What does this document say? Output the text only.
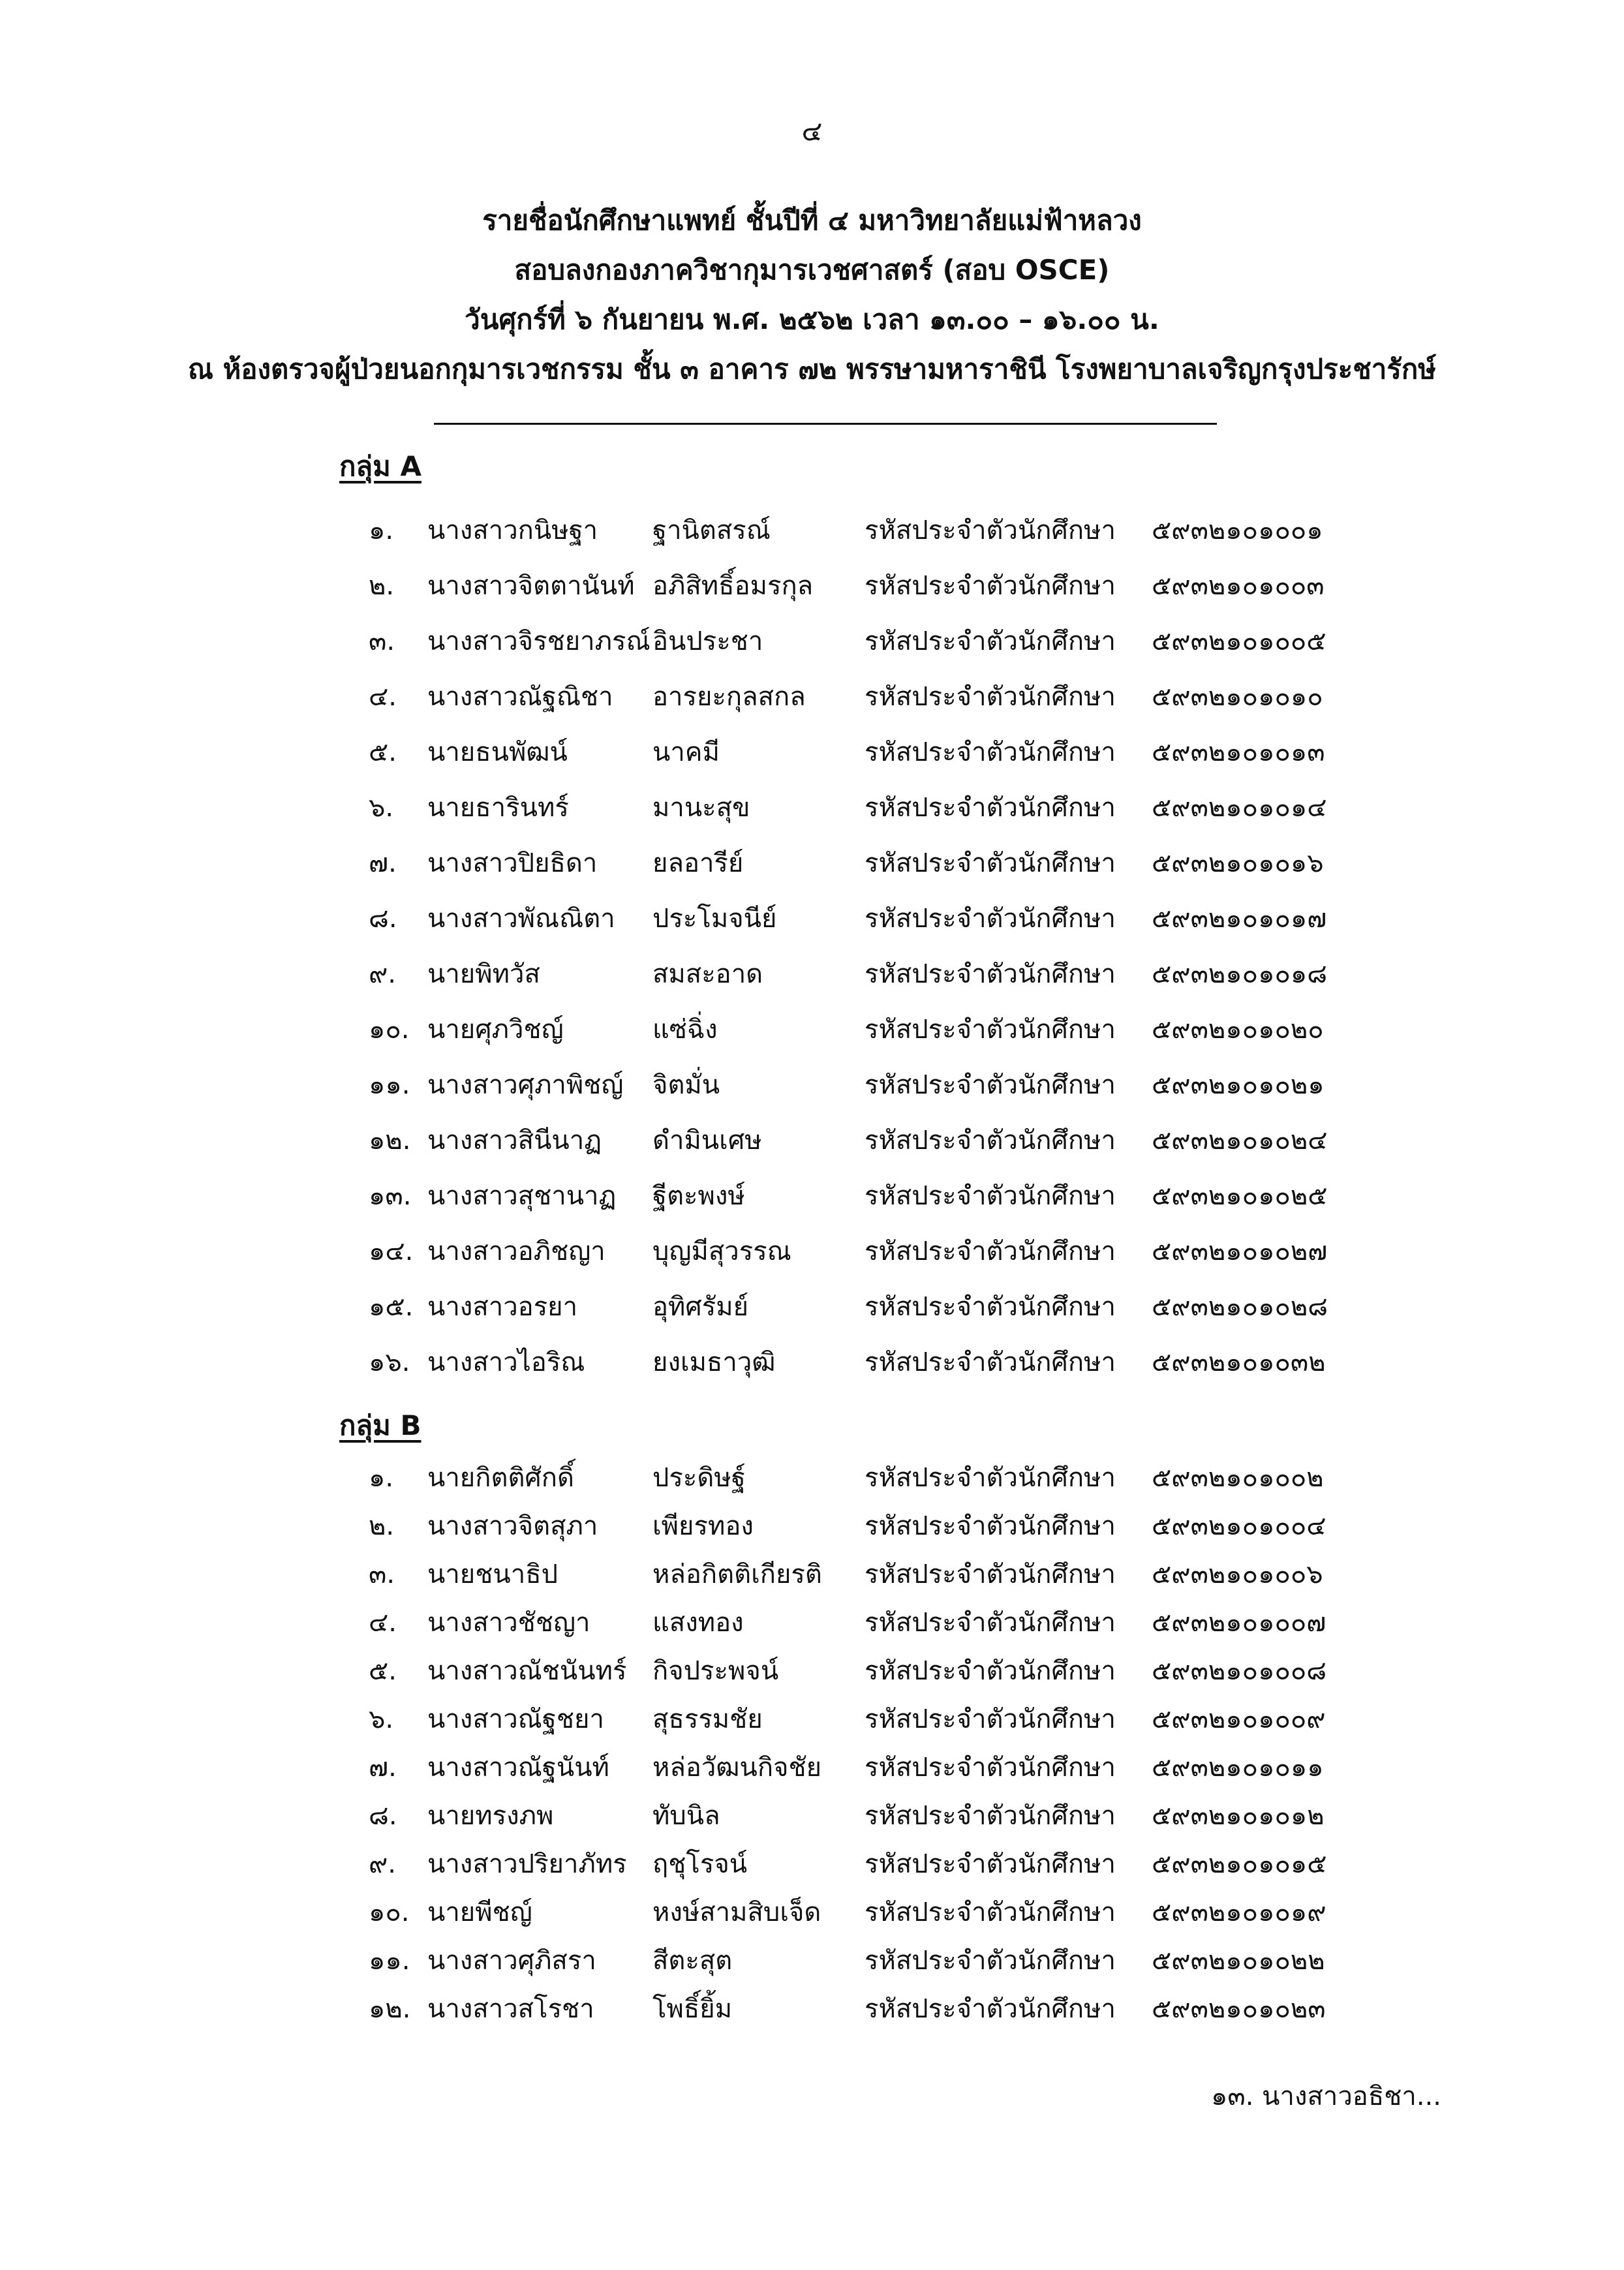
๔
รายชื่อนักศึกษาแพทย์ ชั้นปีที่ ๔ มหาวิทยาลัยแม่ฟ้าหลวง
สอบลงกองภาควิชากุมารเวชศาสตร์ (สอบ OSCE)
วันศุกร์ที่ ๖ กันยายน พ.ศ. ๒๕๖๒ เวลา ๑๓.๐๐ – ๑๖.๐๐ น.
ณ ห้องตรวจผู้ป่วยนอกกุมารเวชกรรม ชั้น ๓ อาคาร ๗๒ พรรษามหาราชินี โรงพยาบาลเจริญกรุงประชารักษ์
กลุ่ม A
๑. นางสาวกนิษฐา ฐานิตสรณ์	รหัสประจำตัวนักศึกษา ๕๙๓๒๑๐๑๐๐๑
๒. นางสาวจิตตานันท์ อภิสิทธิ์อมรกุล รหัสประจำตัวนักศึกษา ๕๙๓๒๑๐๑๐๐๓
๓. นางสาวจิรชยาภรณ์ อินประชา	รหัสประจำตัวนักศึกษา ๕๙๓๒๑๐๑๐๐๕
๔. นางสาวณัฐณิชา อารยะกุลสกล รหัสประจำตัวนักศึกษา ๕๙๓๒๑๐๑๐๑๐
๕. นายธนพัฒน์	นาคมี	รหัสประจำตัวนักศึกษา ๕๙๓๒๑๐๑๐๑๓
๖. นายธารินทร์	มานะสุข	รหัสประจำตัวนักศึกษา ๕๙๓๒๑๐๑๐๑๔
๗. นางสาวปิยธิดา ยลอารีย์	รหัสประจำตัวนักศึกษา ๕๙๓๒๑๐๑๐๑๖
๘. นางสาวพัณณิตา ประโมจนีย์	รหัสประจำตัวนักศึกษา ๕๙๓๒๑๐๑๐๑๗
๙. นายพิทวัส	สมสะอาด	รหัสประจำตัวนักศึกษา ๕๙๓๒๑๐๑๐๑๘
๑๐. นายศุภวิชญ์	แซ่ฉิ่ง	รหัสประจำตัวนักศึกษา ๕๙๓๒๑๐๑๐๒๐
๑๑. นางสาวศุภาพิชญ์ จิตมั่น	รหัสประจำตัวนักศึกษา ๕๙๓๒๑๐๑๐๒๑
๑๒. นางสาวสินีนาฏ ดำมินเศษ	รหัสประจำตัวนักศึกษา ๕๙๓๒๑๐๑๐๒๔
๑๓. นางสาวสุชานาฏ ฐีตะพงษ์	รหัสประจำตัวนักศึกษา ๕๙๓๒๑๐๑๐๒๕
๑๔. นางสาวอภิชญา บุญมีสุวรรณ	รหัสประจำตัวนักศึกษา ๕๙๓๒๑๐๑๐๒๗
๑๕. นางสาวอรยา	อุทิศรัมย์	รหัสประจำตัวนักศึกษา ๕๙๓๒๑๐๑๐๒๘
๑๖. นางสาวไอริณ	ยงเมธาวุฒิ	รหัสประจำตัวนักศึกษา ๕๙๓๒๑๐๑๐๓๒
กลุ่ม B
๑. นายกิตติศักดิ์	ประดิษฐ์	รหัสประจำตัวนักศึกษา ๕๙๓๒๑๐๑๐๐๒
๒. นางสาวจิตสุภา เพียรทอง	รหัสประจำตัวนักศึกษา ๕๙๓๒๑๐๑๐๐๔
๓. นายชนาธิป	หล่อกิตติเกียรติ รหัสประจำตัวนักศึกษา ๕๙๓๒๑๐๑๐๐๖
๔. นางสาวชัชญา แสงทอง	รหัสประจำตัวนักศึกษา ๕๙๓๒๑๐๑๐๐๗
๕. นางสาวณัชนันทร์ กิจประพจน์	รหัสประจำตัวนักศึกษา ๕๙๓๒๑๐๑๐๐๘
๖. นางสาวณัฐชยา สุธรรมชัย	รหัสประจำตัวนักศึกษา ๕๙๓๒๑๐๑๐๐๙
๗. นางสาวณัฐนันท์ หล่อวัฒนกิจชัย รหัสประจำตัวนักศึกษา ๕๙๓๒๑๐๑๐๑๑
๘. นายทรงภพ	ทับนิล	รหัสประจำตัวนักศึกษา ๕๙๓๒๑๐๑๐๑๒
๙. นางสาวปริยาภัทร ฤชุโรจน์	รหัสประจำตัวนักศึกษา ๕๙๓๒๑๐๑๐๑๕
๑๐. นายพีชญ์	หงษ์สามสิบเจ็ด รหัสประจำตัวนักศึกษา ๕๙๓๒๑๐๑๐๑๙
๑๑. นางสาวศุภิสรา สีตะสุต	รหัสประจำตัวนักศึกษา ๕๙๓๒๑๐๑๐๒๒
๑๒. นางสาวสโรชา โพธิ์ยิ้ม	รหัสประจำตัวนักศึกษา ๕๙๓๒๑๐๑๐๒๓
๑๓. นางสาวอธิชา...
